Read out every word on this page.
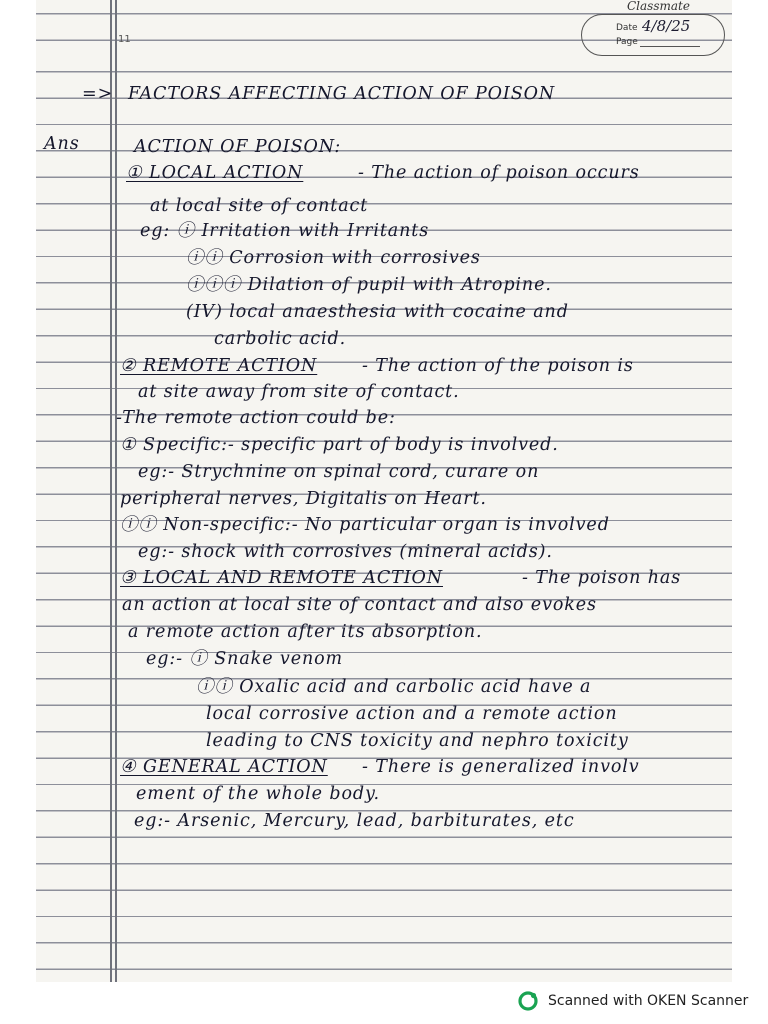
Classmate
Date 4/8/25
Page
11
=> FACTORS AFFECTING ACTION OF POISON
Ans	ACTION OF POISON:
① LOCAL ACTION	- The action of poison occurs
at local site of contact
eg: ⓘ Irritation with Irritants
ⓘⓘ Corrosion with corrosives
ⓘⓘⓘ Dilation of pupil with Atropine.
(IV) local anaesthesia with cocaine and
carbolic acid.
② REMOTE ACTION	- The action of the poison is
at site away from site of contact.
-The remote action could be:
① Specific:- specific part of body is involved.
eg:- Strychnine on spinal cord, curare on
peripheral nerves, Digitalis on Heart.
ⓘⓘ Non-specific:- No particular organ is involved
eg:- shock with corrosives (mineral acids).
③ LOCAL AND REMOTE ACTION	- The poison has
an action at local site of contact and also evokes
a remote action after its absorption.
eg:- ⓘ Snake venom
ⓘⓘ Oxalic acid and carbolic acid have a
local corrosive action and a remote action
leading to CNS toxicity and nephro toxicity
④ GENERAL ACTION - There is generalized involv
ement of the whole body.
eg:- Arsenic, Mercury, lead, barbiturates, etc
Scanned with OKEN Scanner
